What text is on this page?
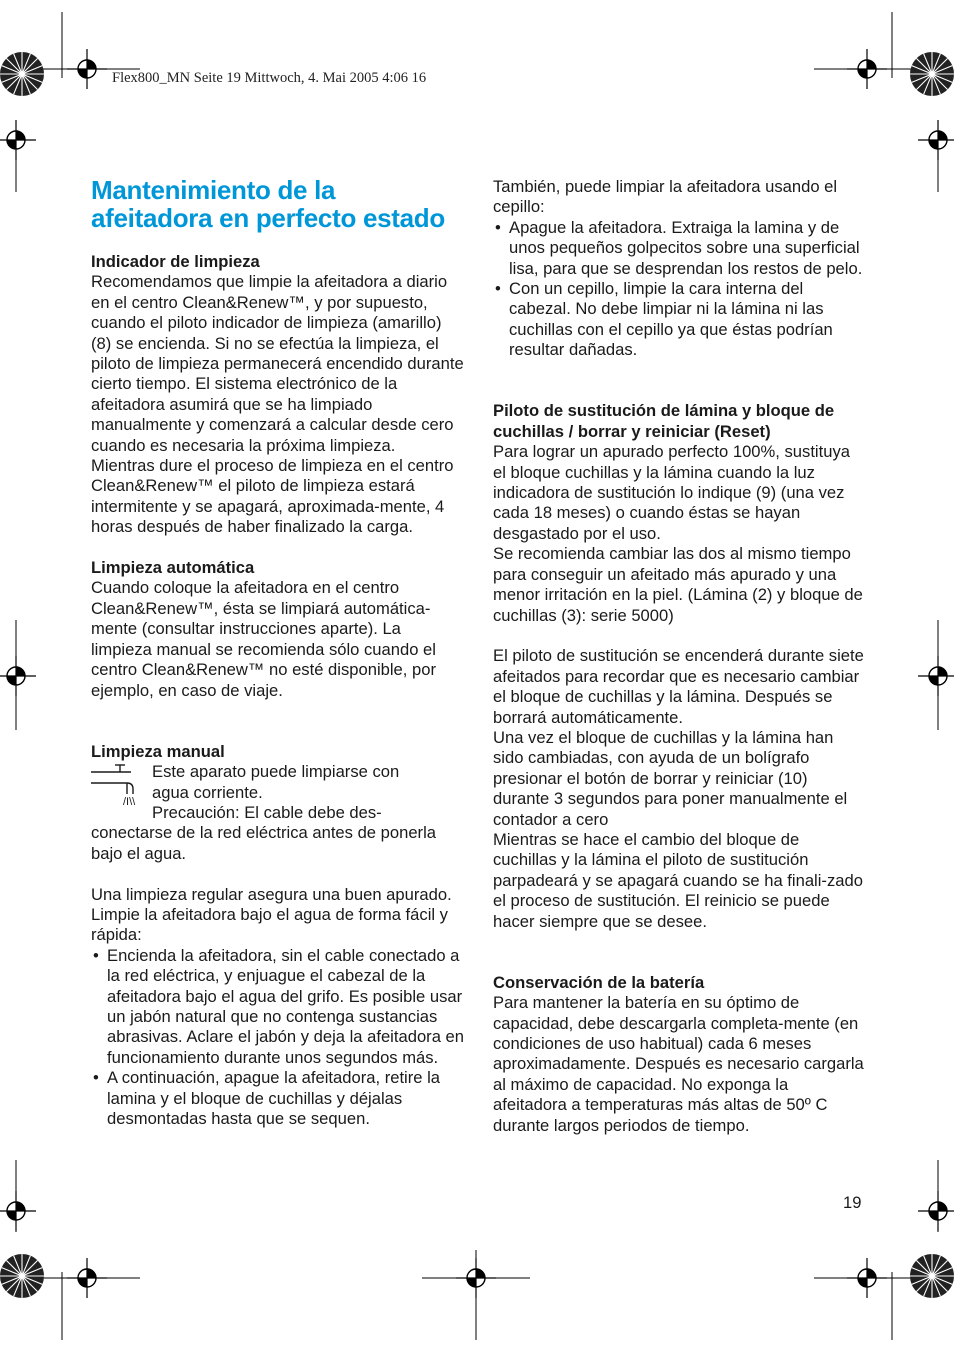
Flex800_MN Seite 19 Mittwoch, 4. Mai 2005 4:06 16
Mantenimiento de la
afeitadora en perfecto estado
Indicador de limpieza

Recomendamos que limpie la afeitadora a diario en el centro Clean&Renew™, y por supuesto, cuando el piloto indicador de limpieza (amarillo) (8) se encienda. Si no se efectúa la limpieza, el piloto de limpieza permanecerá encendido durante cierto tiempo. El sistema electrónico de la afeitadora asumirá que se ha limpiado manualmente y comenzará a calcular desde cero cuando es necesaria la próxima limpieza.

Mientras dure el proceso de limpieza en el centro Clean&Renew™ el piloto de limpieza estará intermitente y se apagará, aproximada-mente, 4 horas después de haber finalizado la carga.

Limpieza automática

Cuando coloque la afeitadora en el centro Clean&Renew™, ésta se limpiará automática-mente (consultar instrucciones aparte). La limpieza manual se recomienda sólo cuando el centro Clean&Renew™ no esté disponible, por ejemplo, en caso de viaje.

Limpieza manual
/I\\

Este aparato puede limpiarse con

agua corriente.

Precaución: El cable debe des-

conectarse de la red eléctrica antes de ponerla bajo el agua.

Una limpieza regular asegura una buen apurado. Limpie la afeitadora bajo el agua de forma fácil y rápida:

• Encienda la afeitadora, sin el cable conectado a la red eléctrica, y enjuague el cabezal de la afeitadora bajo el agua del grifo. Es posible usar un jabón natural que no contenga sustancias abrasivas. Aclare el jabón y deja la afeitadora en funcionamiento durante unos segundos más.
• A continuación, apague la afeitadora, retire la lamina y el bloque de cuchillas y déjalas desmontadas hasta que se sequen.

También, puede limpiar la afeitadora usando el cepillo:

• Apague la afeitadora. Extraiga la lamina y de unos pequeños golpecitos sobre una superficial lisa, para que se desprendan los restos de pelo.
• Con un cepillo, limpie la cara interna del cabezal. No debe limpiar ni la lámina ni las cuchillas con el cepillo ya que éstas podrían resultar dañadas.
Piloto de sustitución de lámina y bloque de cuchillas / borrar y reiniciar (Reset)

Para lograr un apurado perfecto 100%, sustituya el bloque cuchillas y la lámina cuando la luz indicadora de sustitución lo indique (9) (una vez cada 18 meses) o cuando éstas se hayan desgastado por el uso.

Se recomienda cambiar las dos al mismo tiempo para conseguir un afeitado más apurado y una menor irritación en la piel. (Lámina (2) y bloque de cuchillas (3): serie 5000)

El piloto de sustitución se encenderá durante siete afeitados para recordar que es necesario cambiar el bloque de cuchillas y la lámina. Después se borrará automáticamente.

Una vez el bloque de cuchillas y la lámina han sido cambiadas, con ayuda de un bolígrafo presionar el botón de borrar y reiniciar (10) durante 3 segundos para poner manualmente el contador a cero

Mientras se hace el cambio del bloque de cuchillas y la lámina el piloto de sustitución parpadeará y se apagará cuando se ha finali-zado el proceso de sustitución. El reinicio se puede hacer siempre que se desee.

Conservación de la batería

Para mantener la batería en su óptimo de capacidad, debe descargarla completa-mente (en condiciones de uso habitual) cada 6 meses aproximadamente. Después es necesario cargarla al máximo de capacidad. No exponga la afeitadora a temperaturas más altas de 50º C durante largos periodos de tiempo.

19
